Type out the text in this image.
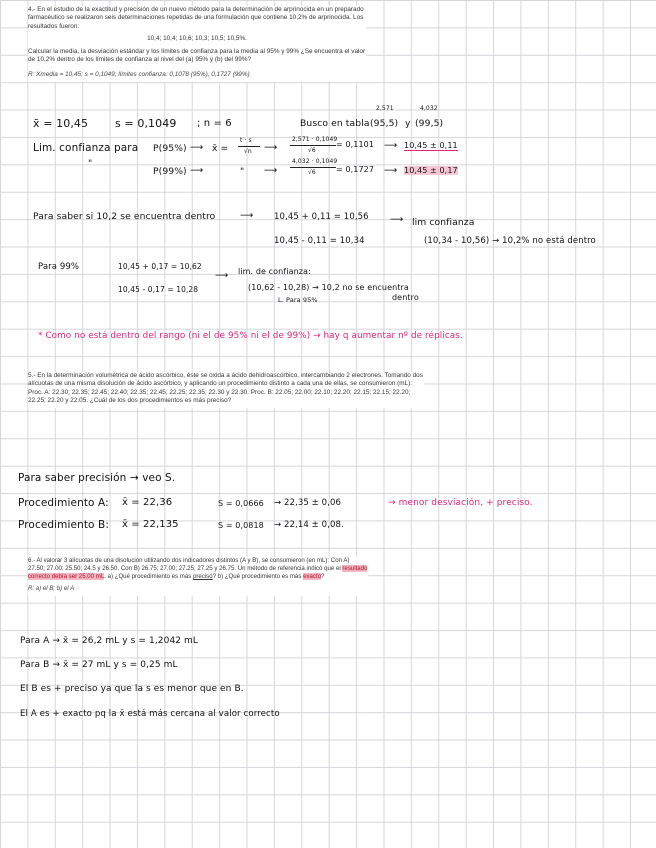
4.- En el estudio de la exactitud y precisión de un nuevo método para la determinación de arprinocida en un preparado farmacéutico se realizaron seis determinaciones repetidas de una formulación que contiene 10,2% de arprinocida. Los resultados fueron:

10,4; 10,4; 10,6; 10,3; 10,5; 10,5%.

Calcular la media, la desviación estándar y los límites de confianza para la media al 95% y 99% ¿Se encuentra el valor de 10,2% dentro de los límites de confianza al nivel del (a) 95% y (b) del 99%?

R: Xmedia = 10,45; s = 0,1049; límites confianza: 0,1078 (95%), 0,1727 (99%)

x̄ = 10,45 s = 0,1049 ; n = 6	Busco en tabla
2,571
(95,5) y
4,032
(99,5)
Lim. confianza para P(95%) ⟶ x̄ =
t · s
√n ⟶
2,571 · 0,1049
√6
= 0,1101 ⟶ 10,45 ± 0,11
"
P(99%) ⟶	" ⟶
4,032 · 0,1049
√6	= 0,1727 ⟶ 10,45 ± 0,17
Para saber si 10,2 se encuentra dentro	⟶ 10,45 + 0,11 = 10,56 ⟶ lim confianza
10,45 - 0,11 = 10,34	(10,34 - 10,56) → 10,2% no está dentro
Para 99%	10,45 + 0,17 = 10,62
⟶ lim. de confianza:
10,45 - 0,17 = 10,28	(10,62 - 10,28) → 10,2 no se encuentra
dentro
L. Para 95%
* Como no está dentro del rango (ni el de 95% ni el de 99%) → hay q aumentar nº de réplicas.

5.- En la determinación volumétrica de ácido ascórbico, éste se oxida a ácido dehidroascórbico, intercambiando 2 electrones. Tomando dos alícuotas de una misma disolución de ácido ascórbico, y aplicando un procedimiento distinto a cada una de ellas, se consumieron (mL): Proc. A: 22.30; 22.35; 22.45; 22.40; 22.35; 22.45; 22.25; 22.35; 22.30 y 22.30. Proc. B: 22.05; 22.00; 22.10; 22.20; 22.15; 22.15; 22.20; 22.25; 22.20 y 22.05. ¿Cuál de los dos procedimientos es más preciso?

Para saber precisión → veo S.
Procedimiento A: x̄ = 22,36	S = 0,0666 → 22,35 ± 0,06	→ menor desviación, + preciso.
Procedimiento B: x̄ = 22,135	S = 0,0818 → 22,14 ± 0,08.

6.- Al valorar 3 alícuotas de una disolución utilizando dos indicadores distintos (A y B), se consumieron (en mL): Con A) 27.50; 27.00; 25.50; 24.5 y 26.50. Con B) 26.75; 27.00; 27.25; 27.25 y 26.75. Un método de referencia indicó que el resultado correcto debía ser 25,00 mL. a) ¿Qué procedimiento es más preciso? b) ¿Qué procedimiento es más exacto?

R: a) el B; b) el A

Para A → x̄ = 26,2 mL y s = 1,2042 mL
Para B → x̄ = 27 mL y s = 0,25 mL
El B es + preciso ya que la s es menor que en B.
El A es + exacto pq la x̄ está más cercana al valor correcto
